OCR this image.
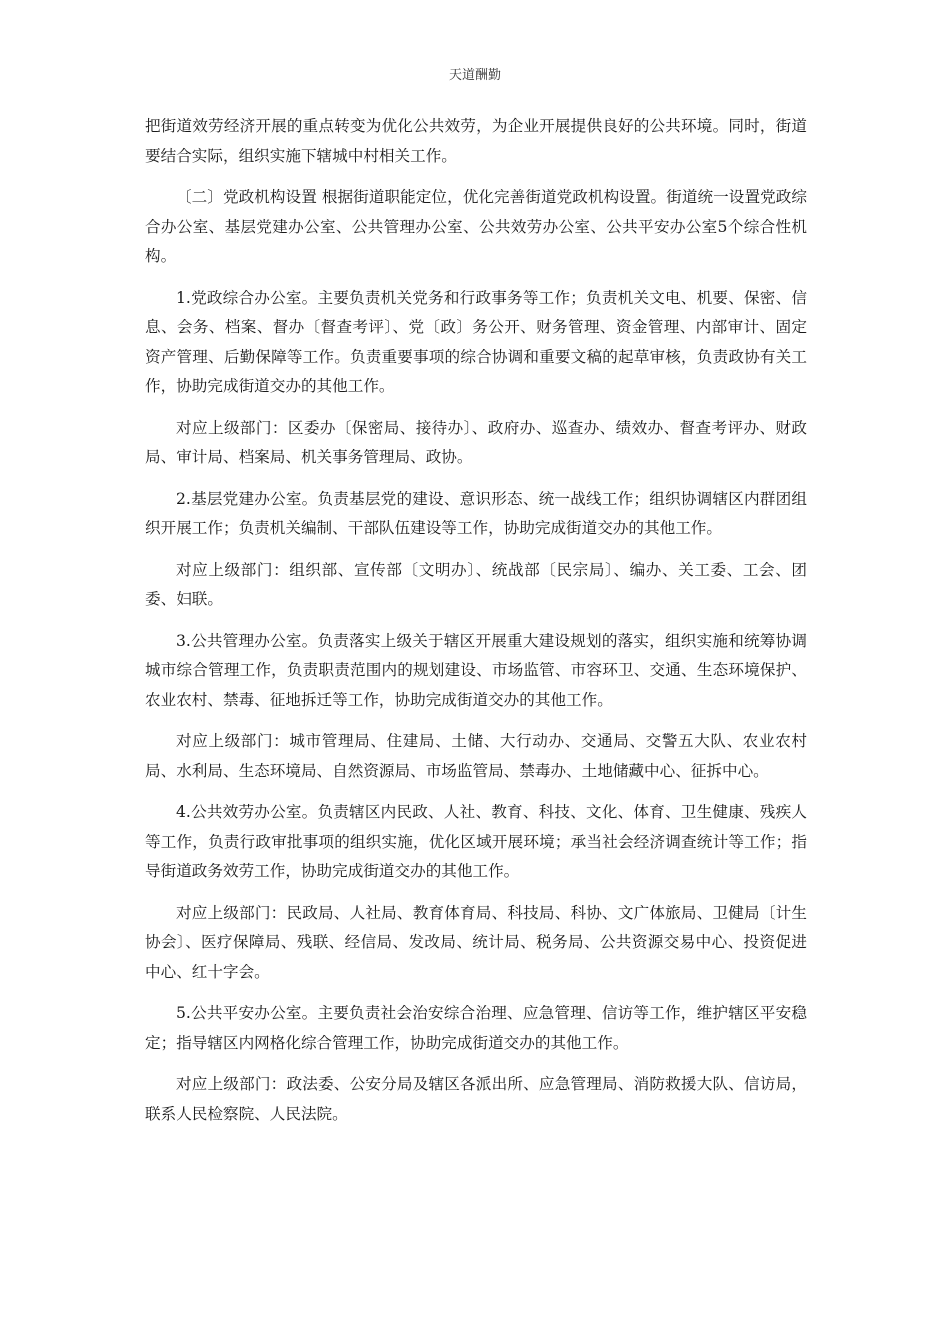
天道酬勤

把街道效劳经济开展的重点转变为优化公共效劳，为企业开展提供良好的公共环境。同时，街道要结合实际，组织实施下辖城中村相关工作。

〔二〕党政机构设置 根据街道职能定位，优化完善街道党政机构设置。街道统一设置党政综合办公室、基层党建办公室、公共管理办公室、公共效劳办公室、公共平安办公室5个综合性机构。

1.党政综合办公室。主要负责机关党务和行政事务等工作；负责机关文电、机要、保密、信息、会务、档案、督办〔督查考评〕、党〔政〕务公开、财务管理、资金管理、内部审计、固定资产管理、后勤保障等工作。负责重要事项的综合协调和重要文稿的起草审核，负责政协有关工作，协助完成街道交办的其他工作。

对应上级部门：区委办〔保密局、接待办〕、政府办、巡查办、绩效办、督查考评办、财政局、审计局、档案局、机关事务管理局、政协。

2.基层党建办公室。负责基层党的建设、意识形态、统一战线工作；组织协调辖区内群团组织开展工作；负责机关编制、干部队伍建设等工作，协助完成街道交办的其他工作。

对应上级部门：组织部、宣传部〔文明办〕、统战部〔民宗局〕、编办、关工委、工会、团委、妇联。

3.公共管理办公室。负责落实上级关于辖区开展重大建设规划的落实，组织实施和统筹协调城市综合管理工作，负责职责范围内的规划建设、市场监管、市容环卫、交通、生态环境保护、农业农村、禁毒、征地拆迁等工作，协助完成街道交办的其他工作。

对应上级部门：城市管理局、住建局、土储、大行动办、交通局、交警五大队、农业农村局、水利局、生态环境局、自然资源局、市场监管局、禁毒办、土地储藏中心、征拆中心。

4.公共效劳办公室。负责辖区内民政、人社、教育、科技、文化、体育、卫生健康、残疾人等工作，负责行政审批事项的组织实施，优化区域开展环境；承当社会经济调查统计等工作；指导街道政务效劳工作，协助完成街道交办的其他工作。

对应上级部门：民政局、人社局、教育体育局、科技局、科协、文广体旅局、卫健局〔计生协会〕、医疗保障局、残联、经信局、发改局、统计局、税务局、公共资源交易中心、投资促进中心、红十字会。

5.公共平安办公室。主要负责社会治安综合治理、应急管理、信访等工作，维护辖区平安稳定；指导辖区内网格化综合管理工作，协助完成街道交办的其他工作。

对应上级部门：政法委、公安分局及辖区各派出所、应急管理局、消防救援大队、信访局，联系人民检察院、人民法院。
